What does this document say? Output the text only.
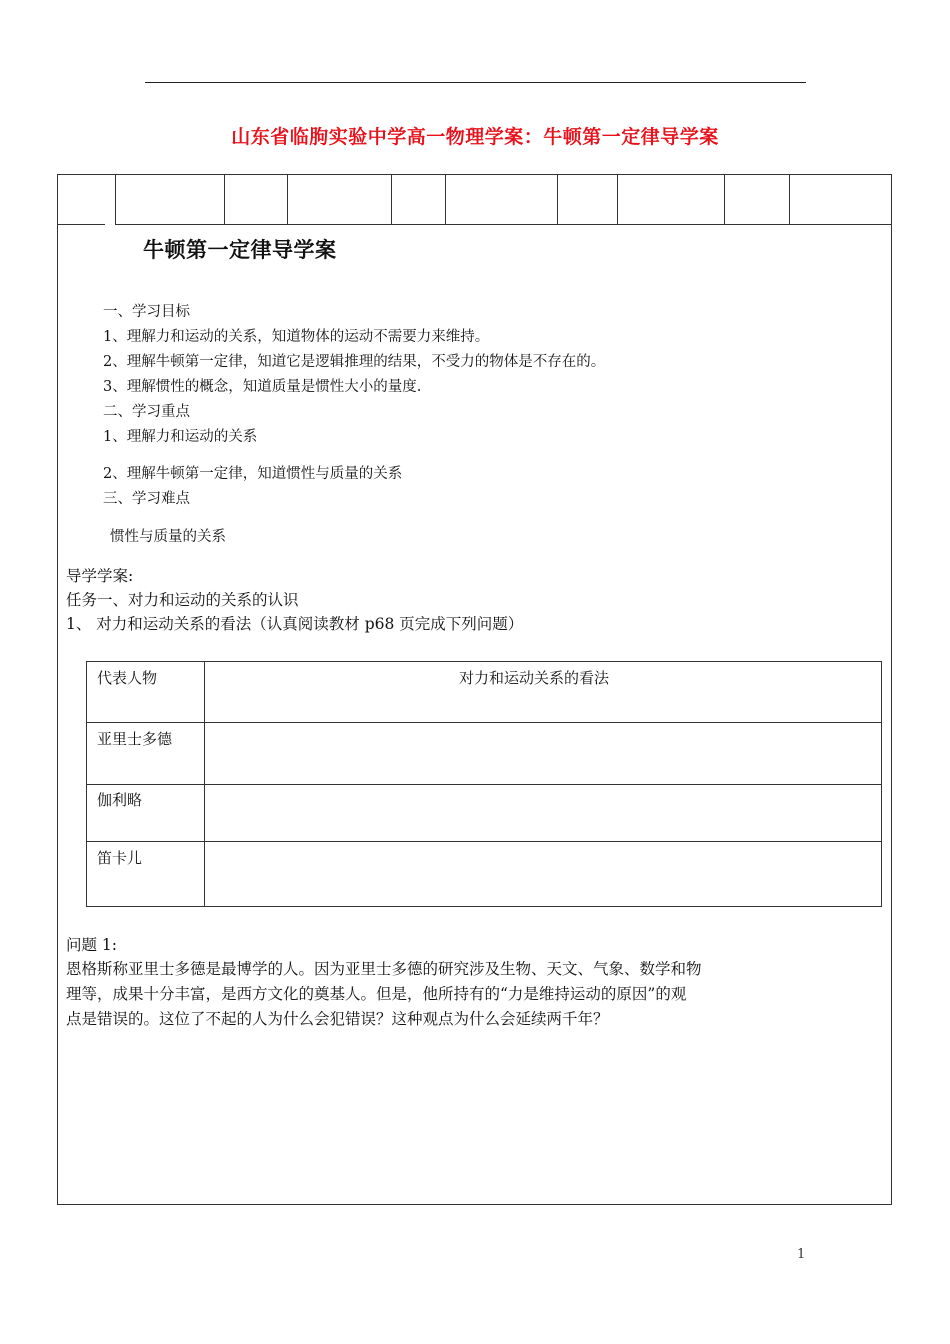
山东省临朐实验中学高一物理学案：牛顿第一定律导学案
牛顿第一定律导学案
一、学习目标
1、理解力和运动的关系，知道物体的运动不需要力来维持。
2、理解牛顿第一定律，知道它是逻辑推理的结果，不受力的物体是不存在的。
3、理解惯性的概念，知道质量是惯性大小的量度.
二、学习重点
1、理解力和运动的关系
2、理解牛顿第一定律，知道惯性与质量的关系
三、学习难点
惯性与质量的关系
导学学案:
任务一、对力和运动的关系的认识
1、 对力和运动关系的看法（认真阅读教材 p68 页完成下列问题）
代表人物	对力和运动关系的看法
亚里士多德
伽利略
笛卡儿
问题 1:
恩格斯称亚里士多德是最博学的人。因为亚里士多德的研究涉及生物、天文、气象、数学和物
理等，成果十分丰富，是西方文化的奠基人。但是，他所持有的“力是维持运动的原因”的观
点是错误的。这位了不起的人为什么会犯错误？这种观点为什么会延续两千年？
1
